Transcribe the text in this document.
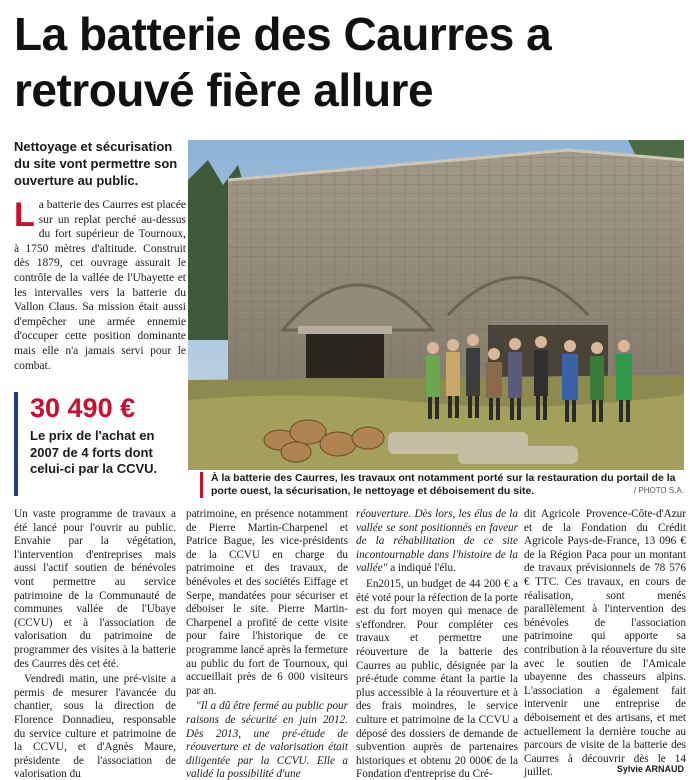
La batterie des Caurres a
retrouvé fière allure
Nettoyage et sécurisation du site vont permettre son ouverture au public.
La batterie des Caurres est placée sur un replat perché au-dessus du fort supérieur de Tournoux, à 1750 mètres d'altitude. Construit dès 1879, cet ouvrage assurait le contrôle de la vallée de l'Ubayette et les intervalles vers la batterie du Vallon Claus. Sa mission était aussi d'empêcher une armée ennemie d'occuper cette position dominante mais elle n'a jamais servi pour le combat.
30 490 €
Le prix de l'achat en 2007 de 4 forts dont celui-ci par la CCVU.
À la batterie des Caurres, les travaux ont notamment porté sur la restauration du portail de la porte ouest, la sécurisation, le nettoyage et déboisement du site.	/ PHOTO S.A.

Un vaste programme de travaux a été lancé pour l'ouvrir au public. Envahie par la végétation, l'intervention d'entreprises mais aussi l'actif soutien de bénévoles vont permettre au service patrimoine de la Communauté de communes vallée de l'Ubaye (CCVU) et à l'association de valorisation du patrimoine de programmer des visites à la batterie des Caurres dès cet été.

Vendredi matin, une pré-visite a permis de mesurer l'avancée du chantier, sous la direction de Florence Donnadieu, responsable du service culture et patrimoine de la CCVU, et d'Agnès Maure, présidente de l'association de valorisation du

patrimoine, en présence notamment de Pierre Martin-Charpenel et Patrice Bague, les vice-présidents de la CCVU en charge du patrimoine et des travaux, de bénévoles et des sociétés Eiffage et Serpe, mandatées pour sécuriser et déboiser le site. Pierre Martin-Charpenel a profité de cette visite pour faire l'historique de ce programme lancé après la fermeture au public du fort de Tournoux, qui accueillait près de 6 000 visiteurs par an.

"Il a dû être fermé au public pour raisons de sécurité en juin 2012. Dès 2013, une pré-étude de réouverture et de valorisation était diligentée par la CCVU. Elle a validé la possibilité d'une

réouverture. Dès lors, les élus de la vallée se sont positionnés en faveur de la réhabilitation de ce site incontournable dans l'histoire de la vallée" a indiqué l'élu.

En2015, un budget de 44 200 € a été voté pour la réfection de la porte est du fort moyen qui menace de s'effondrer. Pour compléter ces travaux et permettre une réouverture de la batterie des Caurres au public, désignée par la pré-étude comme étant la partie la plus accessible à la réouverture et à des frais moindres, le service culture et patrimoine de la CCVU a déposé des dossiers de demande de subvention auprès de partenaires historiques et obtenu 20 000€ de la Fondation d'entreprise du Cré-

dit Agricole Provence-Côte-d'Azur et de la Fondation du Crédit Agricole Pays-de-France, 13 096 € de la Région Paca pour un montant de travaux prévisionnels de 78 576 € TTC. Ces travaux, en cours de réalisation, sont menés parallèlement à l'intervention des bénévoles de l'association patrimoine qui apporte sa contribution à la réouverture du site avec le soutien de l'Amicale ubayenne des chasseurs alpins. L'association a également fait intervenir une entreprise de déboisement et des artisans, et met actuellement la dernière touche au parcours de visite de la batterie des Caurres à découvrir dès le 14 juillet.	Sylvie ARNAUD
